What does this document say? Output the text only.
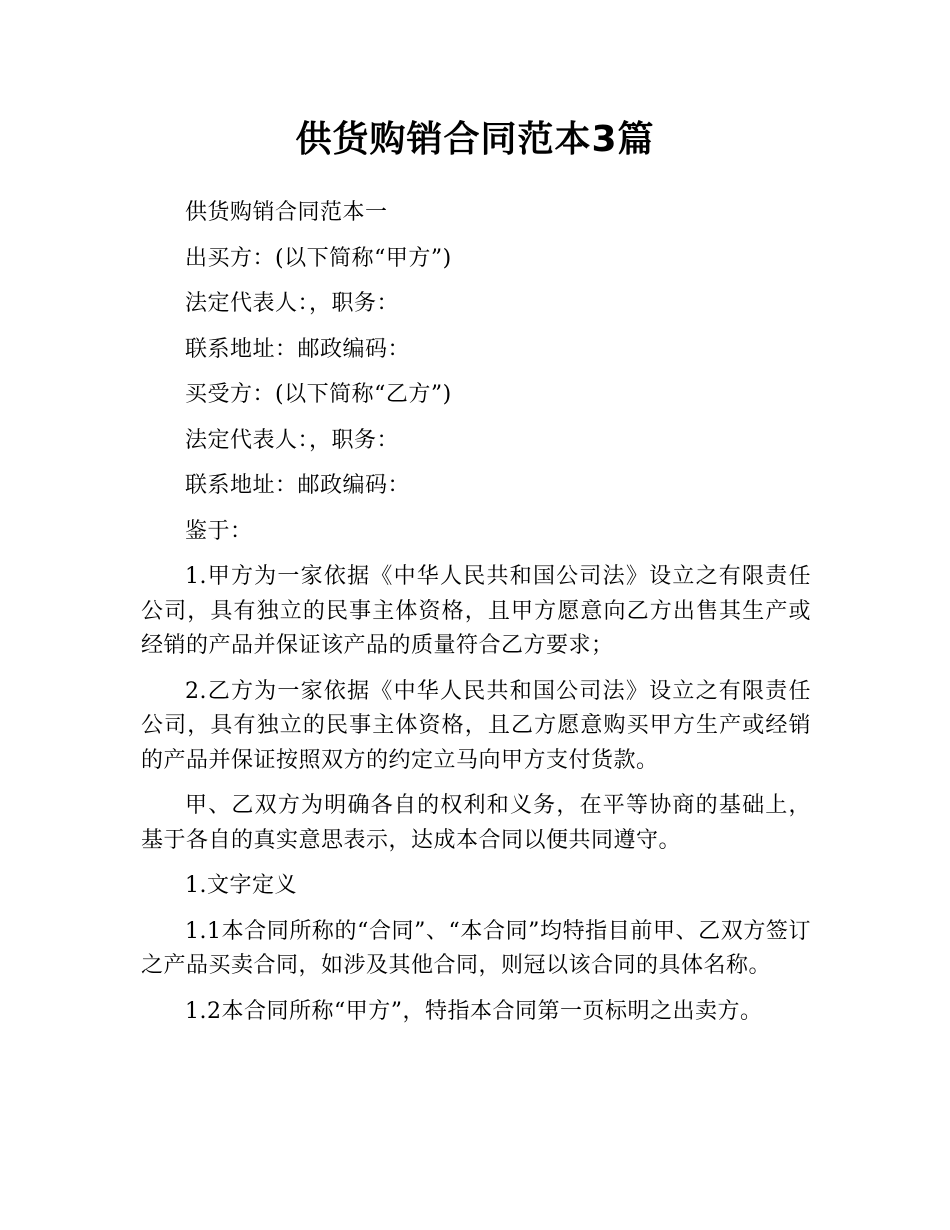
供货购销合同范本3篇

供货购销合同范本一

出买方：(以下简称“甲方”)

法定代表人：，职务：

联系地址：邮政编码：

买受方：(以下简称“乙方”)

法定代表人：，职务：

联系地址：邮政编码：

鉴于：

1.甲方为一家依据《中华人民共和国公司法》设立之有限责任公司，具有独立的民事主体资格，且甲方愿意向乙方出售其生产或经销的产品并保证该产品的质量符合乙方要求；

2.乙方为一家依据《中华人民共和国公司法》设立之有限责任公司，具有独立的民事主体资格，且乙方愿意购买甲方生产或经销的产品并保证按照双方的约定立马向甲方支付货款。

甲、乙双方为明确各自的权利和义务，在平等协商的基础上，基于各自的真实意思表示，达成本合同以便共同遵守。

1.文字定义

1.1本合同所称的“合同”、“本合同”均特指目前甲、乙双方签订之产品买卖合同，如涉及其他合同，则冠以该合同的具体名称。

1.2本合同所称“甲方”，特指本合同第一页标明之出卖方。
